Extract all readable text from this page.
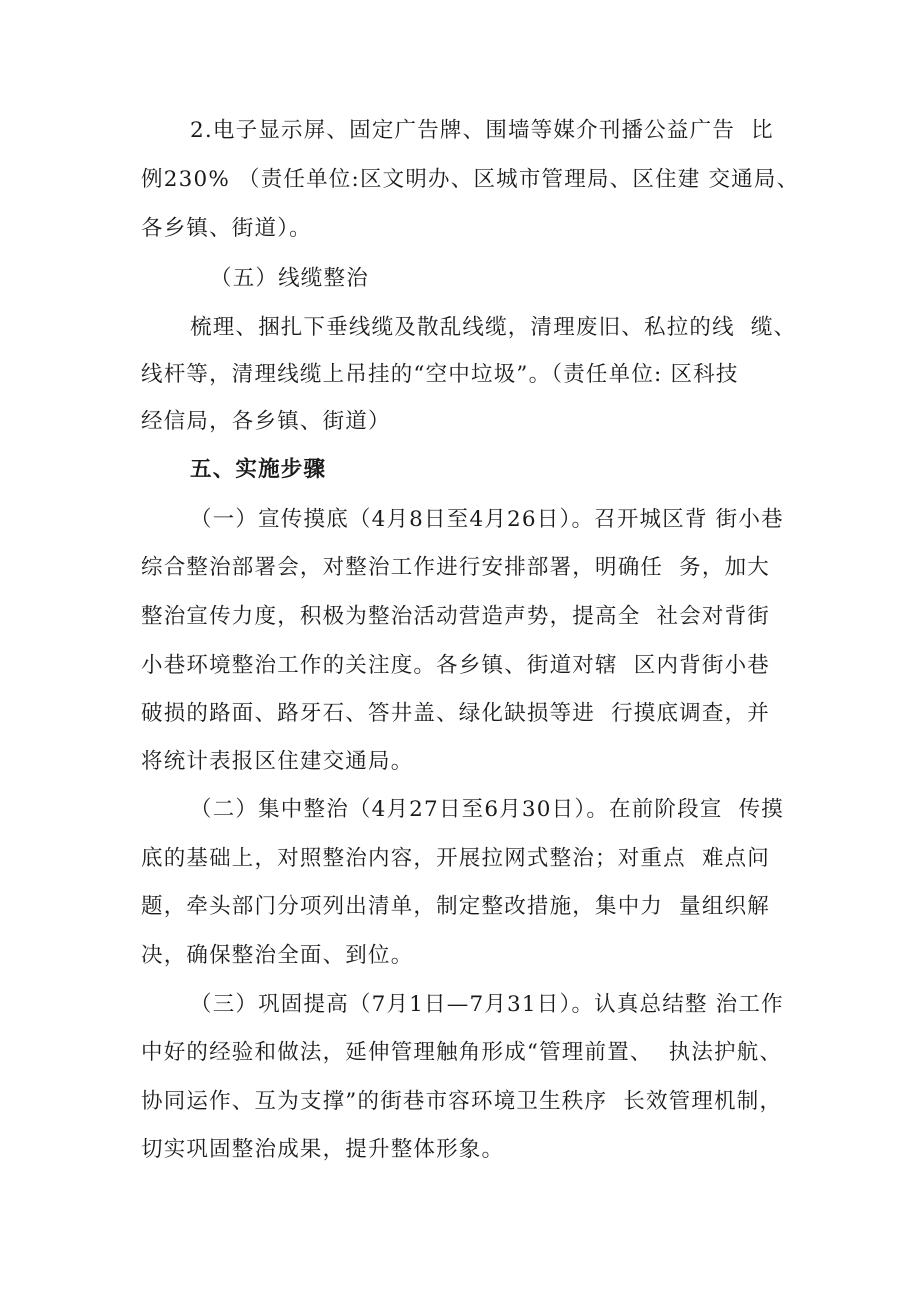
2.电子显示屏、固定广告牌、围墙等媒介刊播公益广告  比
例230% （责任单位:区文明办、区城市管理局、区住建 交通局、
各乡镇、街道）。
（五）线缆整治
梳理、捆扎下垂线缆及散乱线缆，清理废旧、私拉的线  缆、
线杆等，清理线缆上吊挂的“空中垃圾”。（责任单位: 区科技
经信局，各乡镇、街道）
五、实施步骤
（一）宣传摸底（4月8日至4月26日）。召开城区背 街小巷
综合整治部署会，对整治工作进行安排部署，明确任  务，加大
整治宣传力度，积极为整治活动营造声势，提高全  社会对背街
小巷环境整治工作的关注度。各乡镇、街道对辖  区内背街小巷
破损的路面、路牙石、答井盖、绿化缺损等进  行摸底调查，并
将统计表报区住建交通局。
（二）集中整治（4月27日至6月30日）。在前阶段宣  传摸
底的基础上，对照整治内容，开展拉网式整治；对重点  难点问
题，牵头部门分项列出清单，制定整改措施，集中力  量组织解
决，确保整治全面、到位。
（三）巩固提高（7月1日—7月31日）。认真总结整 治工作
中好的经验和做法，延伸管理触角形成“管理前置、  执法护航、
协同运作、互为支撑”的街巷市容环境卫生秩序  长效管理机制，
切实巩固整治成果，提升整体形象。
